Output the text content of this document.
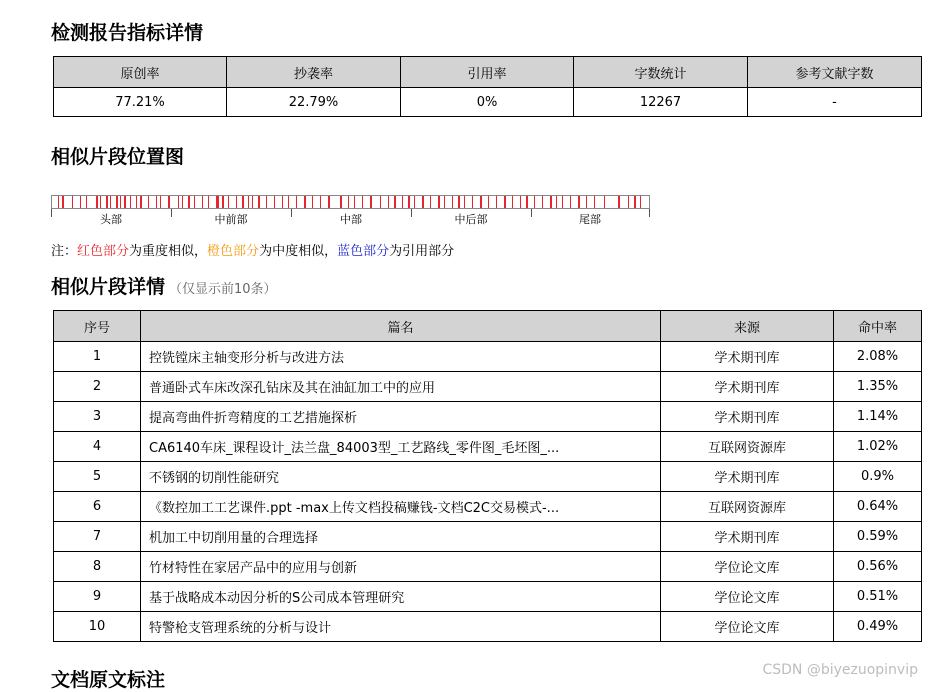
检测报告指标详情
原创率	抄袭率	引用率	字数统计	参考文献字数
77.21%	22.79%	0%	12267	-
相似片段位置图
头部	中前部	中部	中后部	尾部
注：红色部分为重度相似，橙色部分为中度相似，蓝色部分为引用部分
相似片段详情 （仅显示前10条）
序号	篇名	来源	命中率
1	控铣镗床主轴变形分析与改进方法	学术期刊库	2.08%
2	普通卧式车床改深孔钻床及其在油缸加工中的应用	学术期刊库	1.35%
3	提高弯曲件折弯精度的工艺措施探析	学术期刊库	1.14%
4	CA6140车床_课程设计_法兰盘_84003型_工艺路线_零件图_毛坯图_...	互联网资源库	1.02%
5	不锈钢的切削性能研究	学术期刊库	0.9%
6	《数控加工工艺课件.ppt -max上传文档投稿赚钱-文档C2C交易模式-...	互联网资源库	0.64%
7	机加工中切削用量的合理选择	学术期刊库	0.59%
8	竹材特性在家居产品中的应用与创新	学位论文库	0.56%
9	基于战略成本动因分析的S公司成本管理研究	学位论文库	0.51%
10	特警枪支管理系统的分析与设计	学位论文库	0.49%
文档原文标注	CSDN @biyezuopinvip
